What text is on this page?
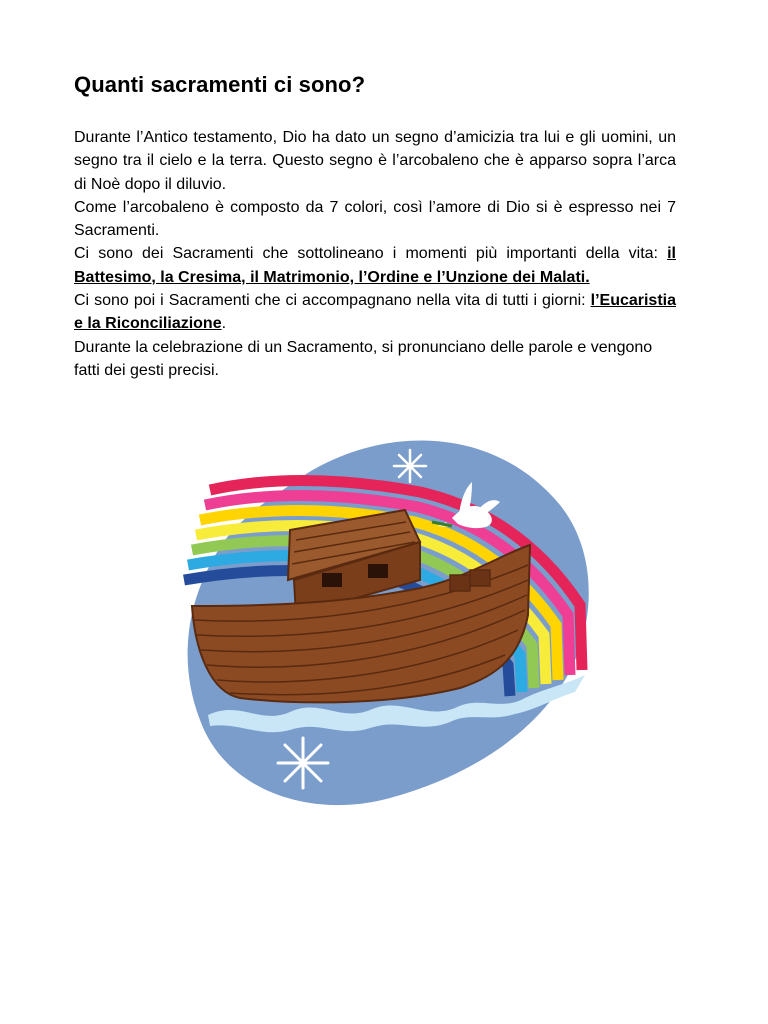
Quanti sacramenti ci sono?

Durante l’Antico testamento, Dio ha dato un segno d’amicizia tra lui e gli uomini, un segno tra il cielo e la terra. Questo segno è l’arcobaleno che è apparso sopra l’arca di Noè dopo il diluvio.

Come l’arcobaleno è composto da 7 colori, così l’amore di Dio si è espresso nei 7 Sacramenti.

Ci sono dei Sacramenti che sottolineano i momenti più importanti della vita: il Battesimo, la Cresima, il Matrimonio, l’Ordine e l’Unzione dei Malati.

Ci sono poi i Sacramenti che ci accompagnano nella vita di tutti i giorni: l’Eucaristia e la Riconciliazione.

Durante la celebrazione di un Sacramento, si pronunciano delle parole e vengono fatti dei gesti precisi.
